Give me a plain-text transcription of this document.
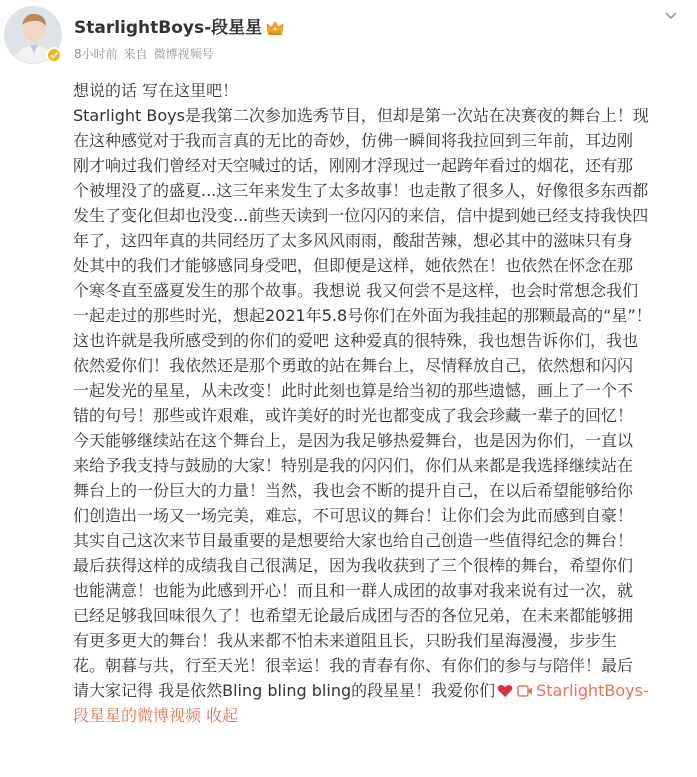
StarlightBoys-段星星
8小时前 来自 微博视频号
想说的话 写在这里吧！
Starlight Boys是我第二次参加选秀节目，但却是第一次站在决赛夜的舞台上！现
在这种感觉对于我而言真的无比的奇妙，仿佛一瞬间将我拉回到三年前，耳边刚
刚才响过我们曾经对天空喊过的话，刚刚才浮现过一起跨年看过的烟花，还有那
个被埋没了的盛夏...这三年来发生了太多故事！也走散了很多人，好像很多东西都
发生了变化但却也没变...前些天读到一位闪闪的来信，信中提到她已经支持我快四
年了，这四年真的共同经历了太多风风雨雨，酸甜苦辣，想必其中的滋味只有身
处其中的我们才能够感同身受吧，但即便是这样，她依然在！也依然在怀念在那
个寒冬直至盛夏发生的那个故事。我想说 我又何尝不是这样，也会时常想念我们
一起走过的那些时光，想起2021年5.8号你们在外面为我挂起的那颗最高的“星”！
这也许就是我所感受到的你们的爱吧 这种爱真的很特殊，我也想告诉你们，我也
依然爱你们！我依然还是那个勇敢的站在舞台上，尽情释放自己，依然想和闪闪
一起发光的星星，从未改变！此时此刻也算是给当初的那些遗憾，画上了一个不
错的句号！那些或许艰难，或许美好的时光也都变成了我会珍藏一辈子的回忆！
今天能够继续站在这个舞台上，是因为我足够热爱舞台，也是因为你们，一直以
来给予我支持与鼓励的大家！特别是我的闪闪们，你们从来都是我选择继续站在
舞台上的一份巨大的力量！当然，我也会不断的提升自己，在以后希望能够给你
们创造出一场又一场完美，难忘，不可思议的舞台！让你们会为此而感到自豪！
其实自己这次来节目最重要的是想要给大家也给自己创造一些值得纪念的舞台！
最后获得这样的成绩我自己很满足，因为我收获到了三个很棒的舞台，希望你们
也能满意！也能为此感到开心！而且和一群人成团的故事对我来说有过一次，就
已经足够我回味很久了！也希望无论最后成团与否的各位兄弟，在未来都能够拥
有更多更大的舞台！我从来都不怕未来道阻且长，只盼我们星海漫漫，步步生
花。朝暮与共，行至天光！很幸运！我的青春有你、有你们的参与与陪伴！最后
请大家记得 我是依然Bling bling bling的段星星！我爱你们	StarlightBoys-
段星星的微博视频 收起
